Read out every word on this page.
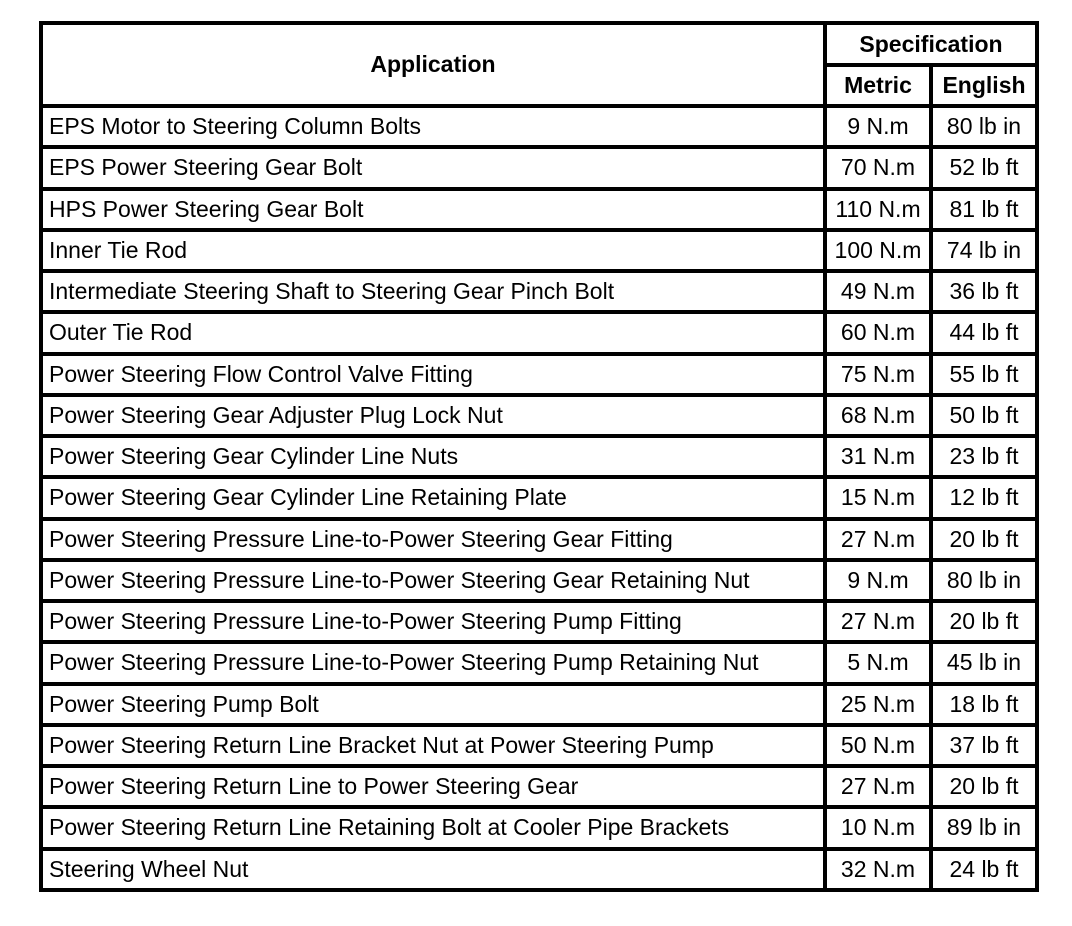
Application	Specification	
	Metric	English
EPS Motor to Steering Column Bolts	9 N.m	80 lb in
EPS Power Steering Gear Bolt	70 N.m	52 lb ft
HPS Power Steering Gear Bolt	110 N.m	81 lb ft
Inner Tie Rod	100 N.m	74 lb in
Intermediate Steering Shaft to Steering Gear Pinch Bolt	49 N.m	36 lb ft
Outer Tie Rod	60 N.m	44 lb ft
Power Steering Flow Control Valve Fitting	75 N.m	55 lb ft
Power Steering Gear Adjuster Plug Lock Nut	68 N.m	50 lb ft
Power Steering Gear Cylinder Line Nuts	31 N.m	23 lb ft
Power Steering Gear Cylinder Line Retaining Plate	15 N.m	12 lb ft
Power Steering Pressure Line-to-Power Steering Gear Fitting	27 N.m	20 lb ft
Power Steering Pressure Line-to-Power Steering Gear Retaining Nut	9 N.m	80 lb in
Power Steering Pressure Line-to-Power Steering Pump Fitting	27 N.m	20 lb ft
Power Steering Pressure Line-to-Power Steering Pump Retaining Nut	5 N.m	45 lb in
Power Steering Pump Bolt	25 N.m	18 lb ft
Power Steering Return Line Bracket Nut at Power Steering Pump	50 N.m	37 lb ft
Power Steering Return Line to Power Steering Gear	27 N.m	20 lb ft
Power Steering Return Line Retaining Bolt at Cooler Pipe Brackets	10 N.m	89 lb in
Steering Wheel Nut	32 N.m	24 lb ft
